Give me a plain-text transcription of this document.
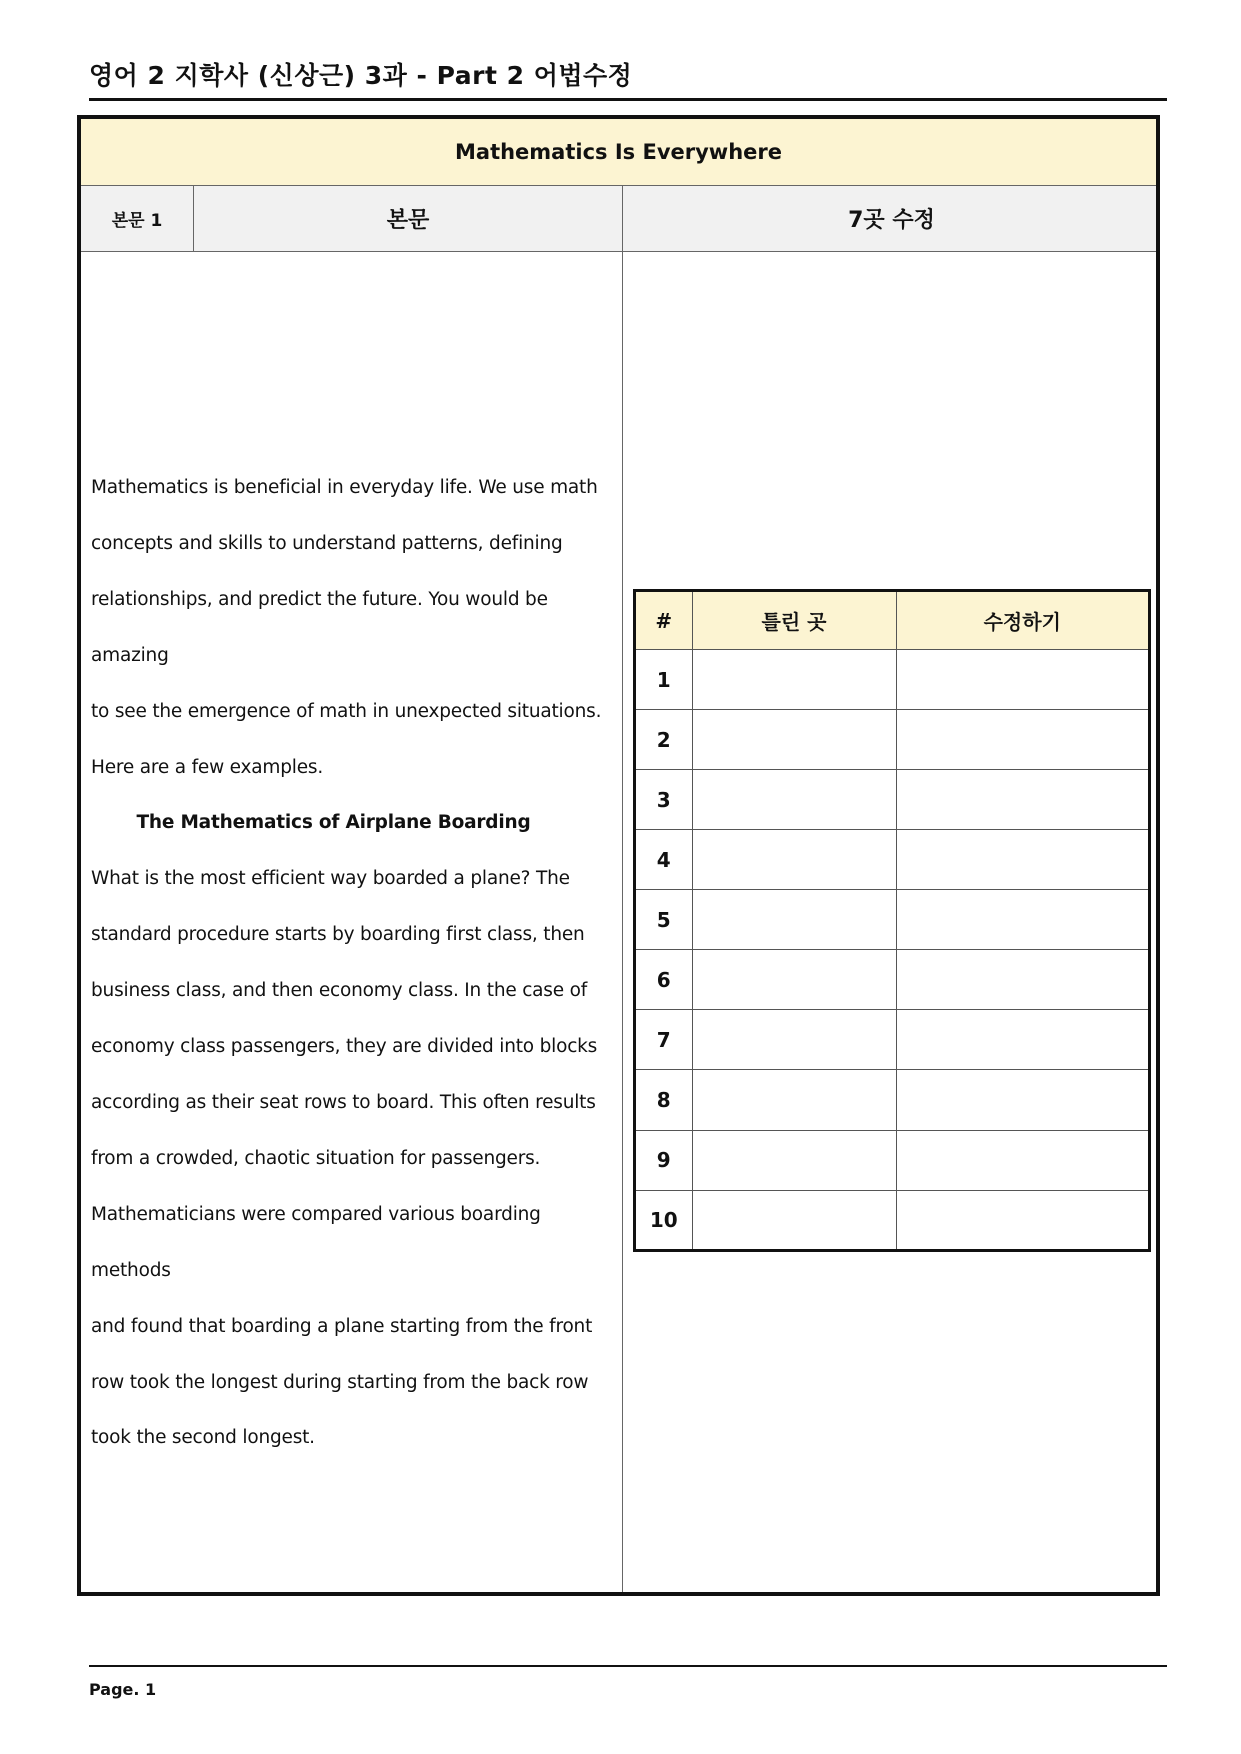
영어 2 지학사 (신상근) 3과 - Part 2 어법수정
Mathematics Is Everywhere
본문 1	본문	7곳 수정

Mathematics is beneficial in everyday life. We use math

concepts and skills to understand patterns, defining

relationships, and predict the future. You would be amazing

to see the emergence of math in unexpected situations.

Here are a few examples.

The Mathematics of Airplane Boarding

What is the most efficient way boarded a plane? The

standard procedure starts by boarding first class, then

business class, and then economy class. In the case of

economy class passengers, they are divided into blocks

according as their seat rows to board. This often results

from a crowded, chaotic situation for passengers.

Mathematicians were compared various boarding methods

and found that boarding a plane starting from the front

row took the longest during starting from the back row

took the second longest.

#	틀린 곳	수정하기
1		
2		
3		
4		
5		
6		
7		
8		
9		
10		
Page. 1
